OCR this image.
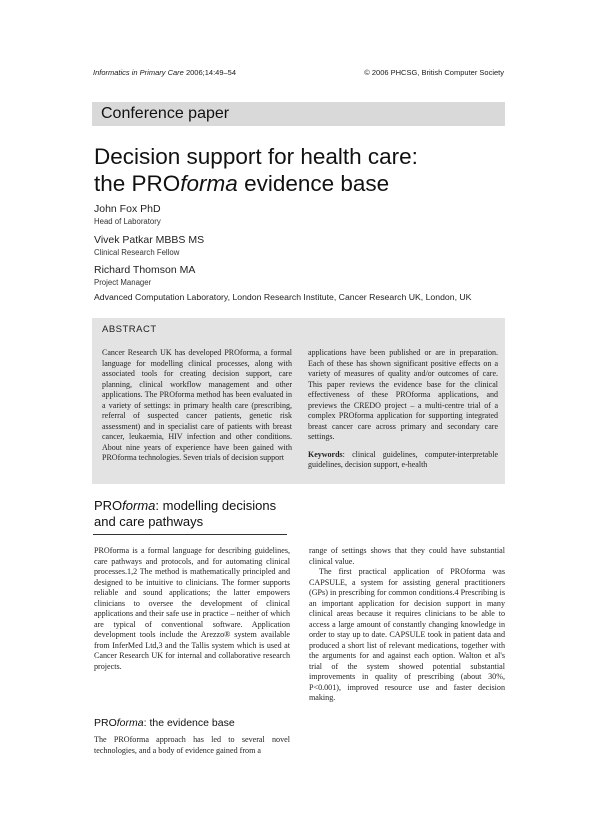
Informatics in Primary Care 2006;14:49–54	© 2006 PHCSG, British Computer Society
Conference paper
Decision support for health care:
the PROforma evidence base
John Fox PhD
Head of Laboratory
Vivek Patkar MBBS MS
Clinical Research Fellow
Richard Thomson MA
Project Manager
Advanced Computation Laboratory, London Research Institute, Cancer Research UK, London, UK
ABSTRACT
Cancer Research UK has developed PROforma, a formal language for modelling clinical processes, along with associated tools for creating decision support, care planning, clinical workflow management and other applications. The PROforma method has been evaluated in a variety of settings: in primary health care (prescribing, referral of suspected cancer patients, genetic risk assessment) and in specialist care of patients with breast cancer, leukaemia, HIV infection and other conditions. About nine years of experience have been gained with PROforma technologies. Seven trials of decision support
applications have been published or are in preparation. Each of these has shown significant positive effects on a variety of measures of quality and/or outcomes of care. This paper reviews the evidence base for the clinical effectiveness of these PROforma applications, and previews the CREDO project – a multi-centre trial of a complex PROforma application for supporting integrated breast cancer care across primary and secondary care settings.
Keywords: clinical guidelines, computer-interpretable guidelines, decision support, e-health
PROforma: modelling decisions and care pathways

PROforma is a formal language for describing guidelines, care pathways and protocols, and for automating clinical processes.1,2 The method is mathematically principled and designed to be intuitive to clinicians. The former supports reliable and sound applications; the latter empowers clinicians to oversee the development of clinical applications and their safe use in practice – neither of which are typical of conventional software. Application development tools include the Arezzo® system available from InferMed Ltd,3 and the Tallis system which is used at Cancer Research UK for internal and collaborative research projects.

PROforma: the evidence base

The PROforma approach has led to several novel technologies, and a body of evidence gained from a

range of settings shows that they could have substantial clinical value.

The first practical application of PROforma was CAPSULE, a system for assisting general practitioners (GPs) in prescribing for common conditions.4 Prescribing is an important application for decision support in many clinical areas because it requires clinicians to be able to access a large amount of constantly changing knowledge in order to stay up to date. CAPSULE took in patient data and produced a short list of relevant medications, together with the arguments for and against each option. Walton et al's trial of the system showed potential substantial improvements in quality of prescribing (about 30%, P<0.001), improved resource use and faster decision making.
